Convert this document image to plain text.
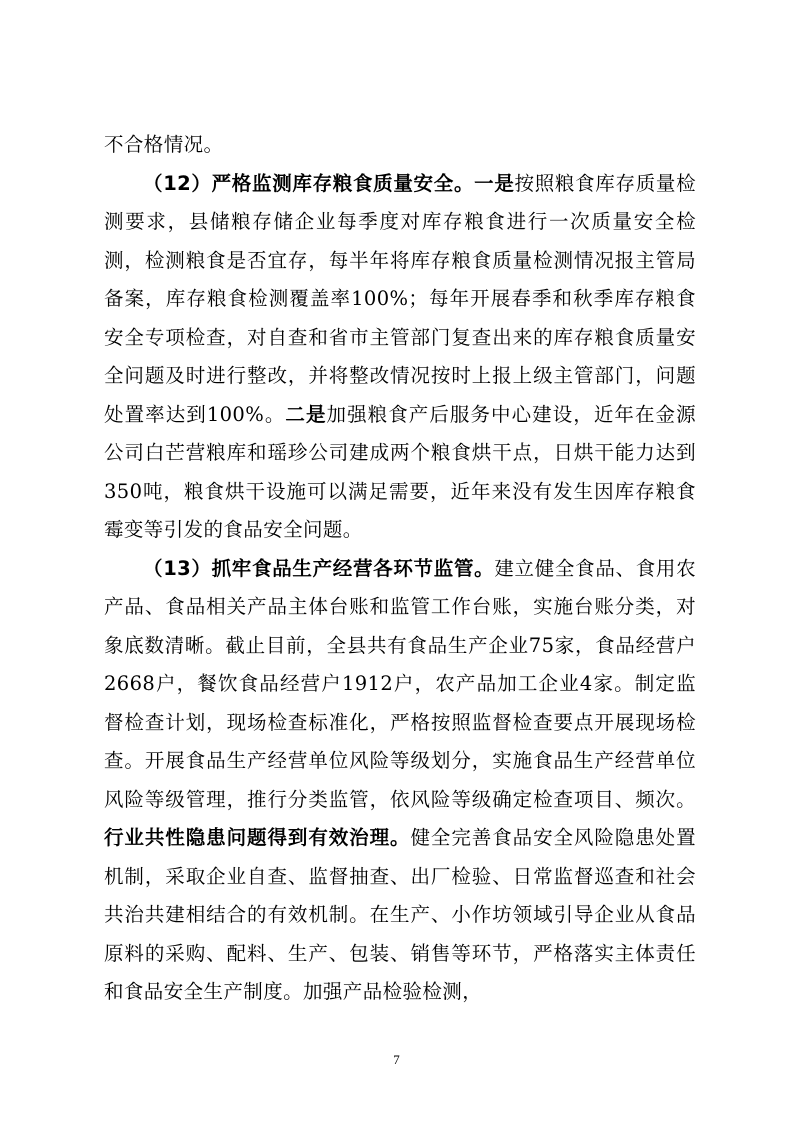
不合格情况。

（12）严格监测库存粮食质量安全。一是按照粮食库存质量检测要求，县储粮存储企业每季度对库存粮食进行一次质量安全检测，检测粮食是否宜存，每半年将库存粮食质量检测情况报主管局备案，库存粮食检测覆盖率100%；每年开展春季和秋季库存粮食安全专项检查，对自查和省市主管部门复查出来的库存粮食质量安全问题及时进行整改，并将整改情况按时上报上级主管部门，问题处置率达到100%。二是加强粮食产后服务中心建设，近年在金源公司白芒营粮库和瑶珍公司建成两个粮食烘干点，日烘干能力达到350吨，粮食烘干设施可以满足需要，近年来没有发生因库存粮食霉变等引发的食品安全问题。

（13）抓牢食品生产经营各环节监管。建立健全食品、食用农产品、食品相关产品主体台账和监管工作台账，实施台账分类，对象底数清晰。截止目前，全县共有食品生产企业75家，食品经营户2668户，餐饮食品经营户1912户，农产品加工企业4家。制定监督检查计划，现场检查标准化，严格按照监督检查要点开展现场检查。开展食品生产经营单位风险等级划分，实施食品生产经营单位风险等级管理，推行分类监管，依风险等级确定检查项目、频次。行业共性隐患问题得到有效治理。健全完善食品安全风险隐患处置机制，采取企业自查、监督抽查、出厂检验、日常监督巡查和社会共治共建相结合的有效机制。在生产、小作坊领域引导企业从食品原料的采购、配料、生产、包装、销售等环节，严格落实主体责任和食品安全生产制度。加强产品检验检测，

7
